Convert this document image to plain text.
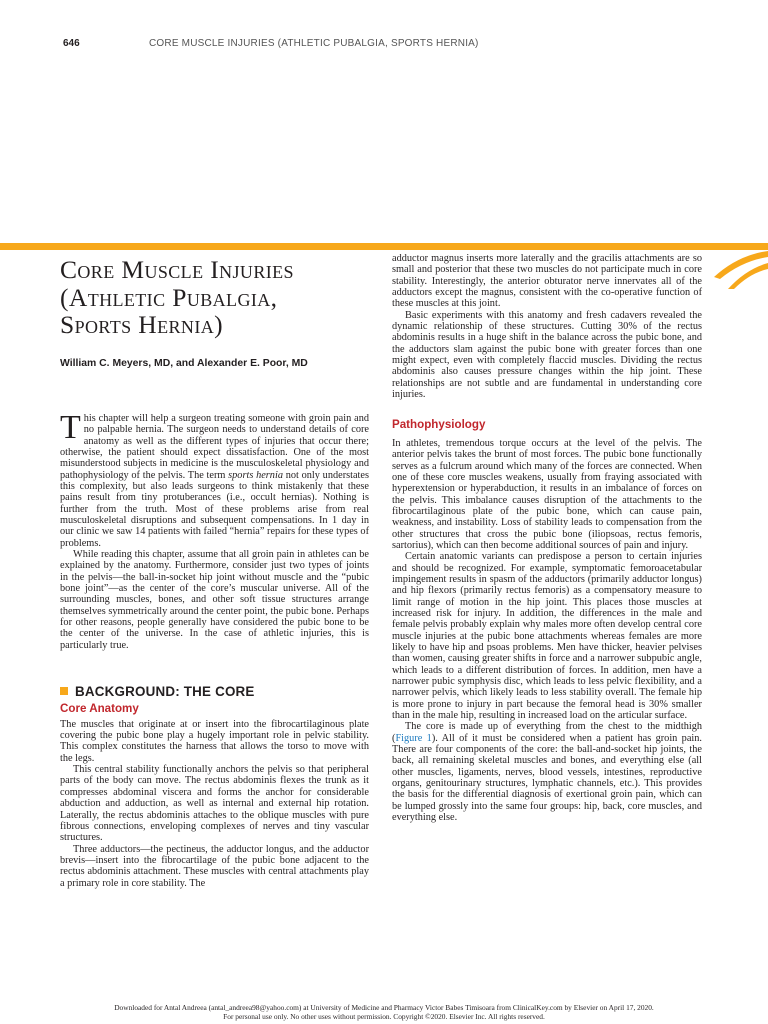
646	CORE MUSCLE INJURIES (ATHLETIC PUBALGIA, SPORTS HERNIA)
Core Muscle Injuries
(Athletic Pubalgia,
Sports Hernia)
William C. Meyers, MD, and Alexander E. Poor, MD

This chapter will help a surgeon treating someone with groin pain and no palpable hernia. The surgeon needs to understand details of core anatomy as well as the different types of injuries that occur there; otherwise, the patient should expect dissatisfaction. One of the most misunderstood subjects in medicine is the musculoskeletal physiology and pathophysiology of the pelvis. The term sports hernia not only understates this complexity, but also leads surgeons to think mistakenly that these pains result from tiny protuberances (i.e., occult hernias). Nothing is further from the truth. Most of these problems arise from real musculoskeletal disruptions and subsequent compensations. In 1 day in our clinic we saw 14 patients with failed “hernia” repairs for these types of problems.

While reading this chapter, assume that all groin pain in athletes can be explained by the anatomy. Furthermore, consider just two types of joints in the pelvis—the ball-in-socket hip joint without muscle and the “pubic bone joint”—as the center of the core’s muscular universe. All of the surrounding muscles, bones, and other soft tissue structures arrange themselves symmetrically around the center point, the pubic bone. Perhaps for other reasons, people generally have considered the pubic bone to be the center of the universe. In the case of athletic injuries, this is particularly true.

BACKGROUND: THE CORE
Core Anatomy

The muscles that originate at or insert into the fibrocartilaginous plate covering the pubic bone play a hugely important role in pelvic stability. This complex constitutes the harness that allows the torso to move with the legs.

This central stability functionally anchors the pelvis so that peripheral parts of the body can move. The rectus abdominis flexes the trunk as it compresses abdominal viscera and forms the anchor for considerable abduction and adduction, as well as internal and external hip rotation. Laterally, the rectus abdominis attaches to the oblique muscles with pure fibrous connections, enveloping complexes of nerves and tiny vascular structures.

Three adductors—the pectineus, the adductor longus, and the adductor brevis—insert into the fibrocartilage of the pubic bone adjacent to the rectus abdominis attachment. These muscles with central attachments play a primary role in core stability. The

adductor magnus inserts more laterally and the gracilis attachments are so small and posterior that these two muscles do not participate much in core stability. Interestingly, the anterior obturator nerve innervates all of the adductors except the magnus, consistent with the co-operative function of these muscles at this joint.

Basic experiments with this anatomy and fresh cadavers revealed the dynamic relationship of these structures. Cutting 30% of the rectus abdominis results in a huge shift in the balance across the pubic bone, and the adductors slam against the pubic bone with greater forces than one might expect, even with completely flaccid muscles. Dividing the rectus abdominis also causes pressure changes within the hip joint. These relationships are not subtle and are fundamental in understanding core injuries.

Pathophysiology

In athletes, tremendous torque occurs at the level of the pelvis. The anterior pelvis takes the brunt of most forces. The pubic bone functionally serves as a fulcrum around which many of the forces are connected. When one of these core muscles weakens, usually from fraying associated with hyperextension or hyperabduction, it results in an imbalance of forces on the pelvis. This imbalance causes disruption of the attachments to the fibrocartilaginous plate of the pubic bone, which can cause pain, weakness, and instability. Loss of stability leads to compensation from the other structures that cross the pubic bone (iliopsoas, rectus femoris, sartorius), which can then become additional sources of pain and injury.

Certain anatomic variants can predispose a person to certain injuries and should be recognized. For example, symptomatic femoroacetabular impingement results in spasm of the adductors (primarily adductor longus) and hip flexors (primarily rectus femoris) as a compensatory measure to limit range of motion in the hip joint. This places those muscles at increased risk for injury. In addition, the differences in the male and female pelvis probably explain why males more often develop central core muscle injuries at the pubic bone attachments whereas females are more likely to have hip and psoas problems. Men have thicker, heavier pelvises than women, causing greater shifts in force and a narrower subpubic angle, which leads to a different distribution of forces. In addition, men have a narrower pubic symphysis disc, which leads to less pelvic flexibility, and a narrower pelvis, which likely leads to less stability overall. The female hip is more prone to injury in part because the femoral head is 30% smaller than in the male hip, resulting in increased load on the articular surface.

The core is made up of everything from the chest to the midthigh (Figure 1). All of it must be considered when a patient has groin pain. There are four components of the core: the ball-and-socket hip joints, the back, all remaining skeletal muscles and bones, and everything else (all other muscles, ligaments, nerves, blood vessels, intestines, reproductive organs, genitourinary structures, lymphatic channels, etc.). This provides the basis for the differential diagnosis of exertional groin pain, which can be lumped grossly into the same four groups: hip, back, core muscles, and everything else.

Downloaded for Antal Andreea (antal_andreea98@yahoo.com) at University of Medicine and Pharmacy Victor Babes Timisoara from ClinicalKey.com by Elsevier on April 17, 2020.
For personal use only. No other uses without permission. Copyright ©2020. Elsevier Inc. All rights reserved.
